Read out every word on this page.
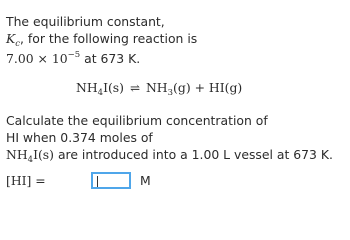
The equilibrium constant,
$K_c$, for the following reaction is
$7.00 \times 10^{-5}$ at 673 K.
$NH_4I(s)$ ⇌ $NH_3(g) + HI(g)$
Calculate the equilibrium concentration of
HI when 0.374 moles of
$NH_4I(s)$ are introduced into a 1.00 L vessel at 673 K.
[HI] =	M
